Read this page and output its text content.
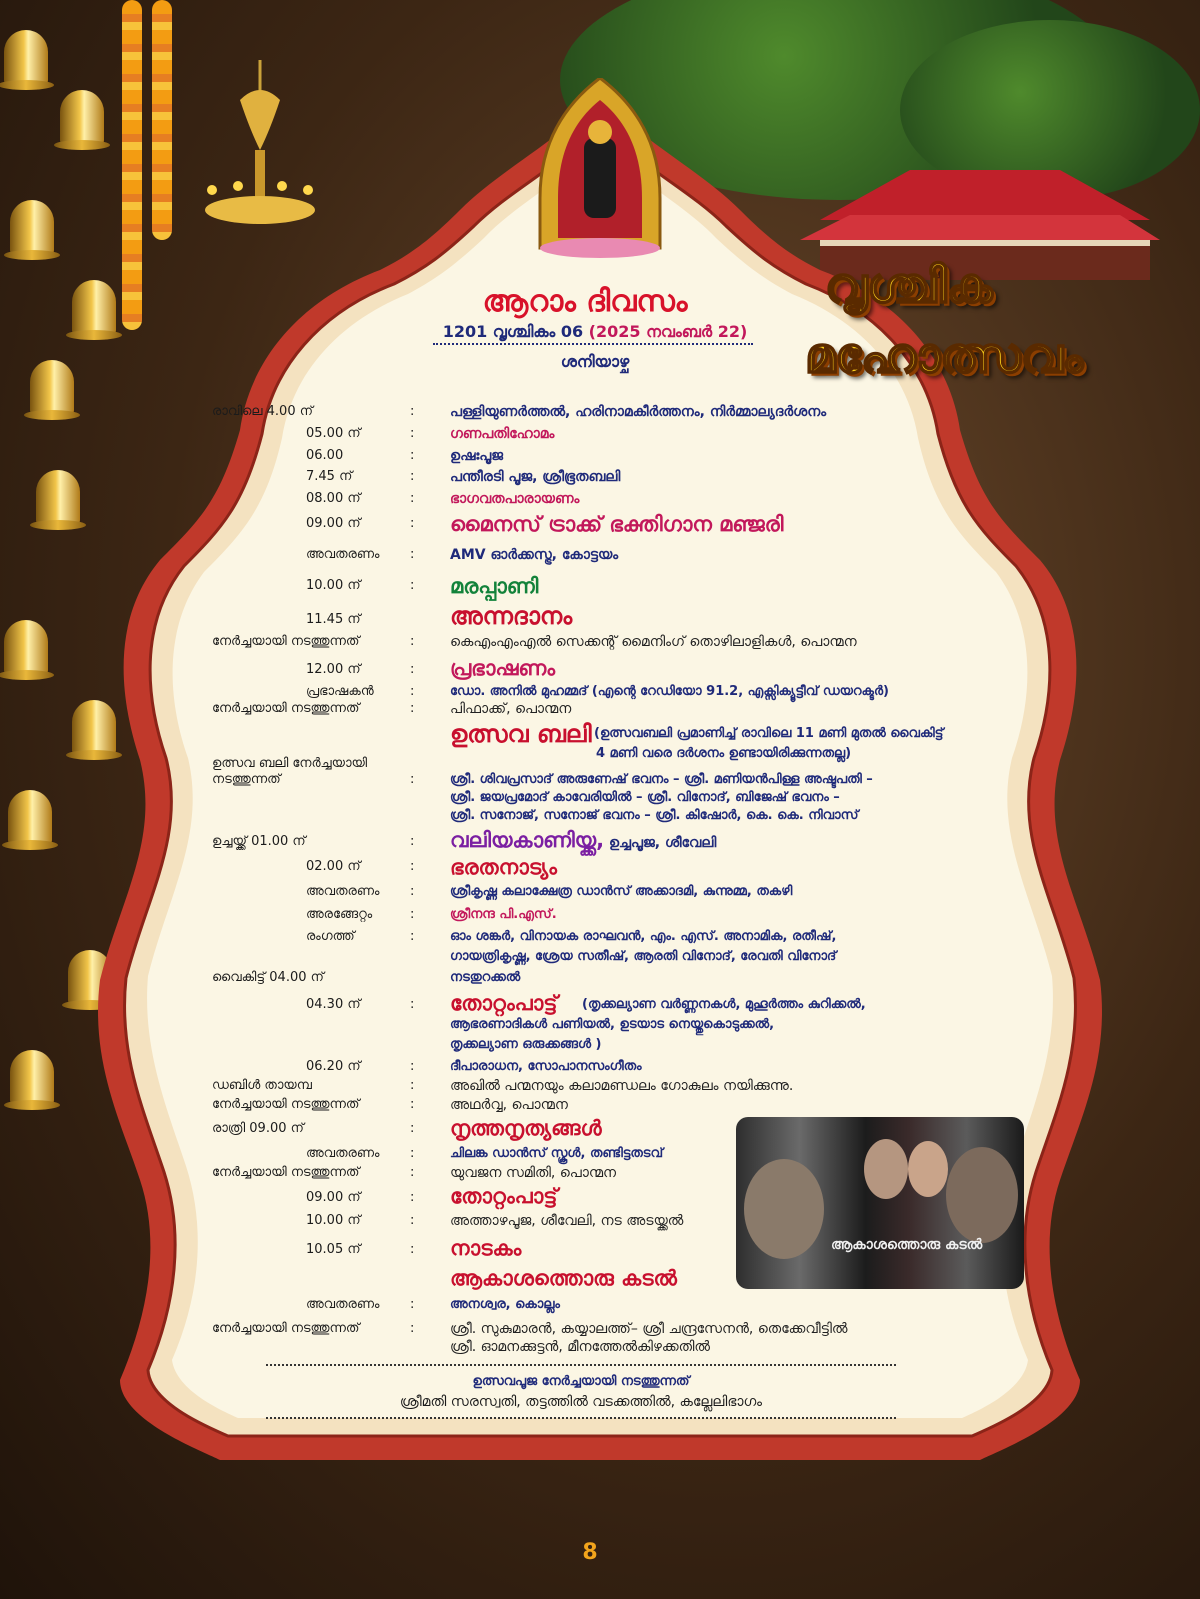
വൃശ്ചിക
മഹോത്സവം
ആറാം ദിവസം
1201 വൃശ്ചികം 06 (2025 നവംബർ 22)
ശനിയാഴ്ച
രാവിലെ 4.00 ന്	:	പള്ളിയുണർത്തൽ, ഹരിനാമകീർത്തനം, നിർമ്മാല്യദർശനം
05.00 ന്	:	ഗണപതിഹോമം
06.00	:	ഉഷഃപൂജ
7.45 ന്	:	പന്തീരടി പൂജ, ശ്രീഭൂതബലി
08.00 ന്	:	ഭാഗവതപാരായണം
09.00 ന്	: മൈനസ് ട്രാക്ക് ഭക്തിഗാന മഞ്ജരി
അവതരണം :	AMV ഓർക്കസ്ട്ര, കോട്ടയം
10.00 ന്	: മരപ്പാണി
11.45 ന്	അന്നദാനം
നേർച്ചയായി നടത്തുന്നത്	:	കെഎംഎംഎൽ സെക്കന്റ് മൈനിംഗ് തൊഴിലാളികൾ, പൊന്മന
12.00 ന്	: പ്രഭാഷണം
പ്രഭാഷകൻ	:	ഡോ. അനിൽ മുഹമ്മദ് (എന്റെ റേഡിയോ 91.2, എക്സിക്യൂട്ടീവ് ഡയറക്ടർ)
നേർച്ചയായി നടത്തുന്നത്	:	പിഫാക്ക്, പൊന്മന
ഉത്സവ ബലി (ഉത്സവബലി പ്രമാണിച്ച് രാവിലെ 11 മണി മുതൽ വൈകിട്ട്
4 മണി വരെ ദർശനം ഉണ്ടായിരിക്കുന്നതല്ല)
ഉത്സവ ബലി നേർച്ചയായി
നടത്തുന്നത്	:	ശ്രീ. ശിവപ്രസാദ് അരുണേഷ് ഭവനം – ശ്രീ. മണിയൻപിള്ള അഷ്ടപതി –
ശ്രീ. ജയപ്രമോദ് കാവേരിയിൽ – ശ്രീ. വിനോദ്, ബിജേഷ് ഭവനം –
ശ്രീ. സനോജ്, സനോജ് ഭവനം – ശ്രീ. കിഷോർ, കെ. കെ. നിവാസ്
ഉച്ചയ്ക്ക് 01.00 ന്	: വലിയകാണിയ്ക്ക, ഉച്ചപൂജ, ശീവേലി
02.00 ന്	: ഭരതനാട്യം
അവതരണം :	ശ്രീകൃഷ്ണ കലാക്ഷേത്ര ഡാൻസ് അക്കാദമി, കുന്നുമ്മ, തകഴി
അരങ്ങേറ്റം	:	ശ്രീനന്ദ പി.എസ്.
രംഗത്ത്	:	ഓം ശങ്കർ, വിനായക രാഘവൻ, എം. എസ്. അനാമിക, രതീഷ്,
ഗായത്രികൃഷ്ണ, ശ്രേയ സതീഷ്, ആരതി വിനോദ്, രേവതി വിനോദ്
വൈകിട്ട് 04.00 ന്	നടതുറക്കൽ
04.30 ന്	: തോറ്റംപാട്ട് (തൃക്കല്യാണ വർണ്ണനകൾ, മുഹൂർത്തം കുറിക്കൽ,
ആഭരണാദികൾ പണിയൽ, ഉടയാട നെയ്തുകൊടുക്കൽ,
തൃക്കല്യാണ ഒരുക്കങ്ങൾ )
06.20 ന്	:	ദീപാരാധന, സോപാനസംഗീതം
ഡബിൾ തായമ്പ	:	അഖിൽ പന്മനയും കലാമണ്ഡലം ഗോകുലം നയിക്കുന്നു.
നേർച്ചയായി നടത്തുന്നത്	:	അഥർവ്വ, പൊന്മന
രാത്രി 09.00 ന്	: നൃത്തനൃത്യങ്ങൾ
അവതരണം :	ചിലങ്ക ഡാൻസ് സ്കൂൾ, തണ്ടിട്ടതടവ്
നേർച്ചയായി നടത്തുന്നത്	:	യുവജന സമിതി, പൊന്മന
09.00 ന്	: തോറ്റംപാട്ട്
10.00 ന്	:	അത്താഴപൂജ, ശീവേലി, നട അടയ്ക്കൽ
10.05 ന്	: നാടകം
ആകാശത്തൊരു കടൽ
അവതരണം :	അനശ്വര, കൊല്ലം
നേർച്ചയായി നടത്തുന്നത്	:	ശ്രീ. സുകുമാരൻ, കയ്യാലത്ത്– ശ്രീ ചന്ദ്രസേനൻ, തെക്കേവീട്ടിൽ
ശ്രീ. ഓമനക്കുട്ടൻ, മീനത്തേൽകിഴക്കതിൽ
ആകാശത്തൊരു കടൽ
ഉത്സവപൂജ നേർച്ചയായി നടത്തുന്നത്
ശ്രീമതി സരസ്വതി, തട്ടത്തിൽ വടക്കത്തിൽ, കല്ലേലിഭാഗം
8
